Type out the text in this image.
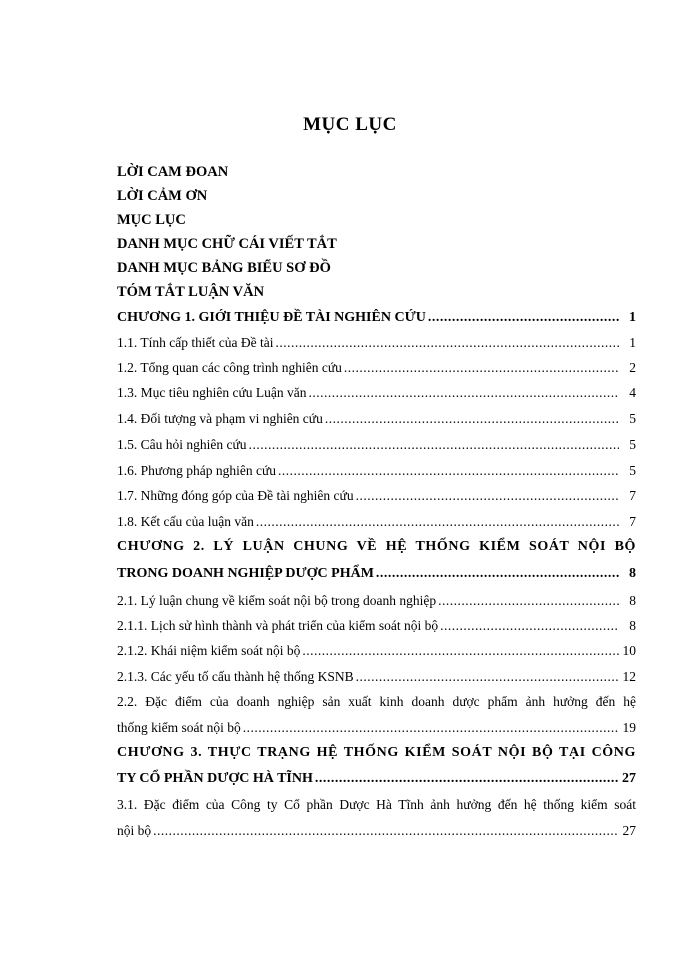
MỤC LỤC
LỜI CAM ĐOAN
LỜI CẢM ƠN
MỤC LỤC
DANH MỤC CHỮ CÁI VIẾT TẮT
DANH MỤC BẢNG BIỂU SƠ ĐỒ
TÓM TẮT LUẬN VĂN
CHƯƠNG 1. GIỚI THIỆU ĐỀ TÀI NGHIÊN CỨU .....	1
1.1. Tính cấp thiết của Đề tài .....	1
1.2. Tổng quan các công trình nghiên cứu .....	2
1.3. Mục tiêu nghiên cứu Luận văn .....	4
1.4. Đối tượng và phạm vi nghiên cứu .....	5
1.5. Câu hỏi nghiên cứu .....	5
1.6. Phương pháp nghiên cứu .....	5
1.7. Những đóng góp của Đề tài nghiên cứu .....	7
1.8. Kết cấu của luận văn .....	7
CHƯƠNG 2. LÝ LUẬN CHUNG VỀ HỆ THỐNG KIỂM SOÁT NỘI BỘ
TRONG DOANH NGHIỆP DƯỢC PHẨM .....	8
2.1. Lý luận chung về kiểm soát nội bộ trong doanh nghiệp .....	8
2.1.1. Lịch sử hình thành và phát triển của kiểm soát nội bộ .....	8
2.1.2. Khái niệm kiểm soát nội bộ .....	10
2.1.3. Các yếu tố cấu thành hệ thống KSNB .....	12
2.2. Đặc điểm của doanh nghiệp sản xuất kinh doanh dược phẩm ảnh hưởng đến hệ
thống kiểm soát nội bộ .....	19
CHƯƠNG 3. THỰC TRẠNG HỆ THỐNG KIỂM SOÁT NỘI BỘ TẠI CÔNG
TY CỔ PHẦN DƯỢC HÀ TĨNH .....	27
3.1. Đặc điểm của Công ty Cổ phần Dược Hà Tĩnh ảnh hưởng đến hệ thống kiểm soát
nội bộ .....	27
